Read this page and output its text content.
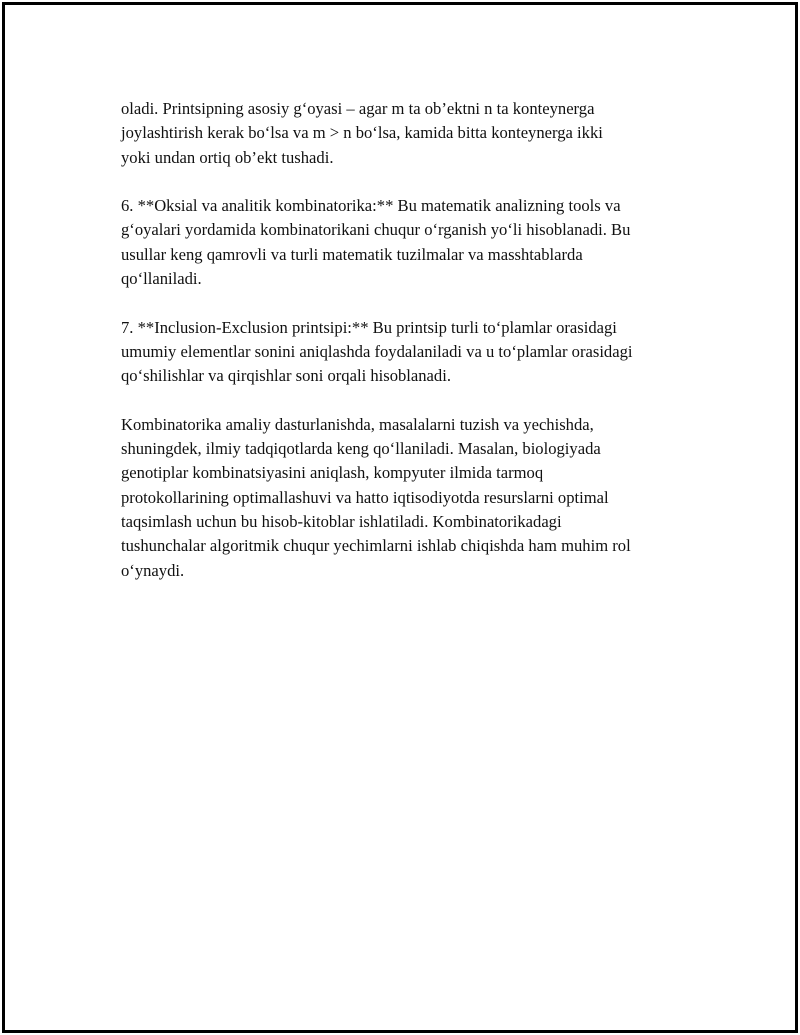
oladi. Printsipning asosiy g‘oyasi – agar m ta ob’ektni n ta konteynerga
joylashtirish kerak bo‘lsa va m > n bo‘lsa, kamida bitta konteynerga ikki
yoki undan ortiq ob’ekt tushadi.

6. **Oksial va analitik kombinatorika:** Bu matematik analizning tools va
g‘oyalari yordamida kombinatorikani chuqur o‘rganish yo‘li hisoblanadi. Bu
usullar keng qamrovli va turli matematik tuzilmalar va masshtablarda
qo‘llaniladi.

7. **Inclusion-Exclusion printsipi:** Bu printsip turli to‘plamlar orasidagi
umumiy elementlar sonini aniqlashda foydalaniladi va u to‘plamlar orasidagi
qo‘shilishlar va qirqishlar soni orqali hisoblanadi.

Kombinatorika amaliy dasturlanishda, masalalarni tuzish va yechishda,
shuningdek, ilmiy tadqiqotlarda keng qo‘llaniladi. Masalan, biologiyada
genotiplar kombinatsiyasini aniqlash, kompyuter ilmida tarmoq
protokollarining optimallashuvi va hatto iqtisodiyotda resurslarni optimal
taqsimlash uchun bu hisob-kitoblar ishlatiladi. Kombinatorikadagi
tushunchalar algoritmik chuqur yechimlarni ishlab chiqishda ham muhim rol
o‘ynaydi.
